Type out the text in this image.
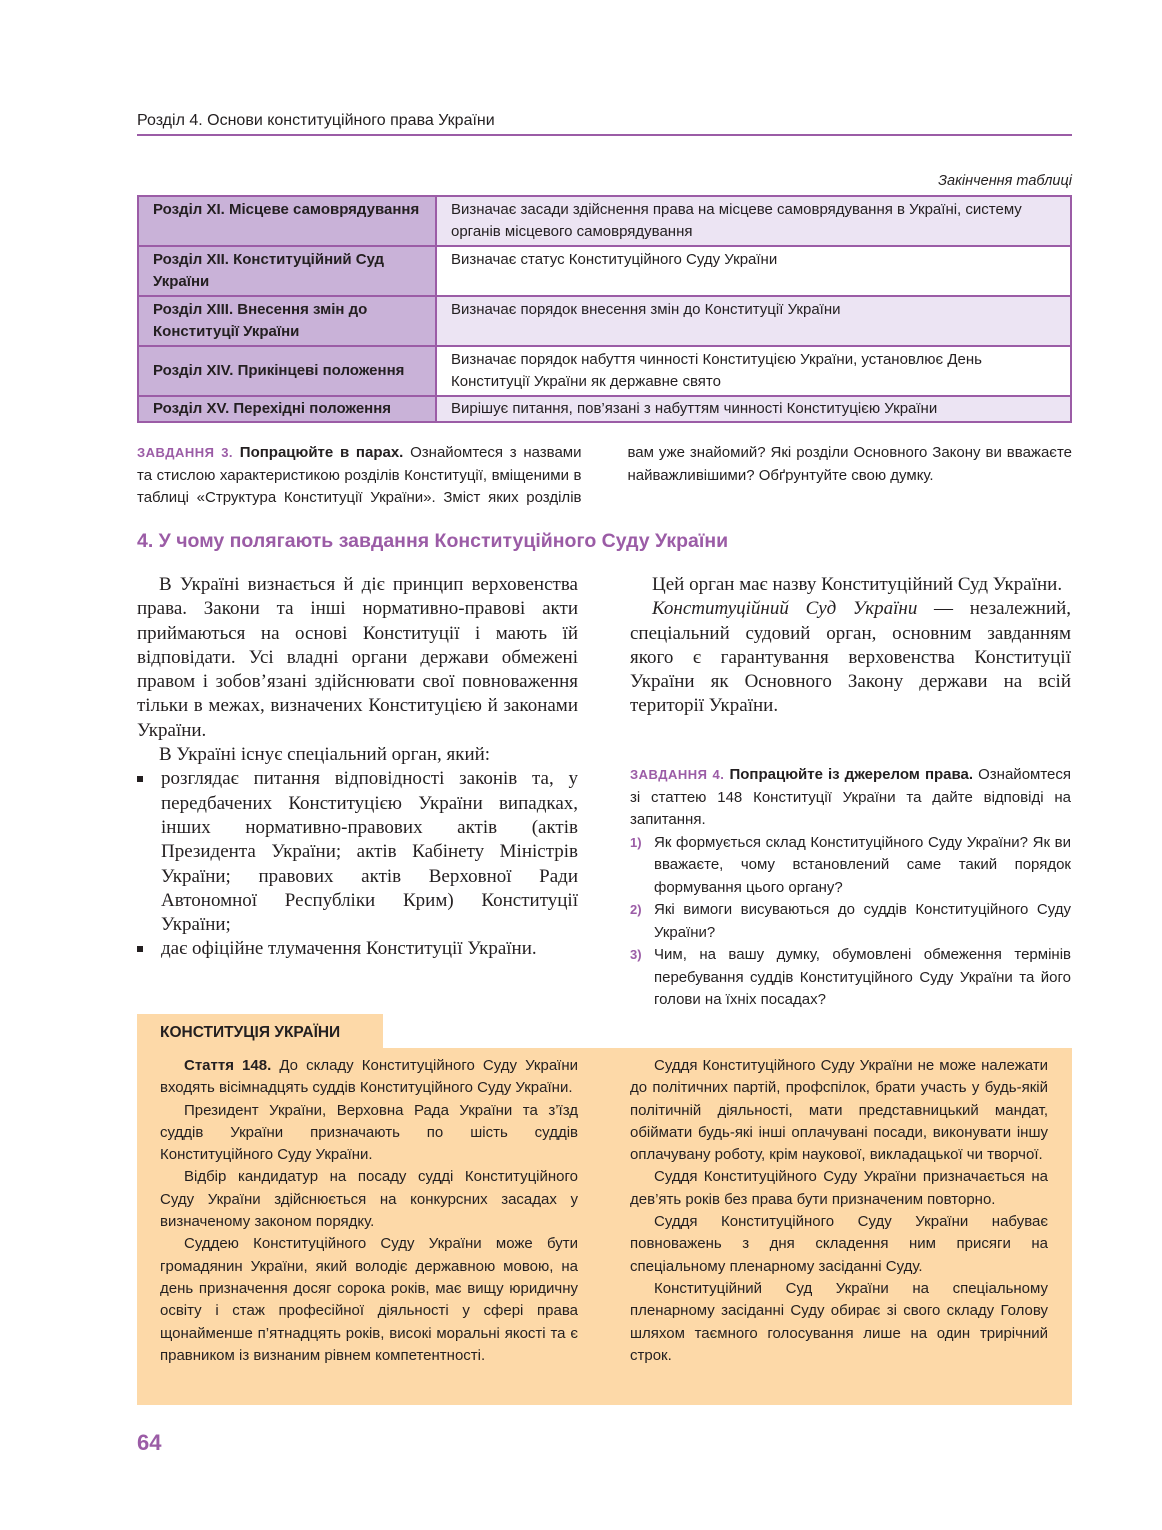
Розділ 4. Основи конституційного права України
Закінчення таблиці
Розділ XI. Місцеве самоврядування	Визначає засади здійснення права на місцеве самоврядування в Україні, систему органів місцевого самоврядування
Розділ XII. Конституційний Суд України	Визначає статус Конституційного Суду України
Розділ XIII. Внесення змін до Конституції України	Визначає порядок внесення змін до Конституції України
Розділ XIV. Прикінцеві положення	Визначає порядок набуття чинності Конституцією України, установлює День Конституції України як державне свято
Розділ XV. Перехідні положення	Вирішує питання, пов’язані з набуттям чинності Конституцією України
ЗАВДАННЯ 3. Попрацюйте в парах. Ознайомтеся з назвами та стислою характеристикою розділів Конституції, вміщеними в таблиці «Структура Конституції України». Зміст яких розділів вам уже знайомий? Які розділи Основного Закону ви вважаєте найважливішими? Обґрунтуйте свою думку.
4. У чому полягають завдання Конституційного Суду України

В Україні визнається й діє принцип верховенства права. Закони та інші нормативно-правові акти приймаються на основі Конституції і мають їй відповідати. Усі владні органи держави обмежені правом і зобов’язані здійснювати свої повноваження тільки в межах, визначених Конституцією й законами України.

В Україні існує спеціальний орган, який:

розглядає питання відповідності законів та, у передбачених Конституцією України випадках, інших нормативно-правових актів (актів Президента України; актів Кабінету Міністрів України; правових актів Верховної Ради Автономної Республіки Крим) Конституції України;
дає офіційне тлумачення Конституції України.

Цей орган має назву Конституційний Суд України.

Конституційний Суд України — незалежний, спеціальний судовий орган, основним завданням якого є гарантування верховенства Конституції України як Основного Закону держави на всій території України.

ЗАВДАННЯ 4. Попрацюйте із джерелом права. Ознайомтеся зі статтею 148 Конституції України та дайте відповіді на запитання.

1) Як формується склад Конституційного Суду України? Як ви вважаєте, чому встановлений саме такий порядок формування цього органу?
2) Які вимоги висуваються до суддів Конституційного Суду України?
3) Чим, на вашу думку, обумовлені обмеження термінів перебування суддів Конституційного Суду України та його голови на їхніх посадах?
КОНСТИТУЦІЯ УКРАЇНИ

Стаття 148. До складу Конституційного Суду України входять вісімнадцять суддів Конституційного Суду України.

Президент України, Верховна Рада України та з’їзд суддів України призначають по шість суддів Конституційного Суду України.

Відбір кандидатур на посаду судді Конституційного Суду України здійснюється на конкурсних засадах у визначеному законом порядку.

Суддею Конституційного Суду України може бути громадянин України, який володіє державною мовою, на день призначення досяг сорока років, має вищу юридичну освіту і стаж професійної діяльності у сфері права щонайменше п’ятнадцять років, високі моральні якості та є правником із визнаним рівнем компетентності.

Суддя Конституційного Суду України не може належати до політичних партій, профспілок, брати участь у будь-якій політичній діяльності, мати представницький мандат, обіймати будь-які інші оплачувані посади, виконувати іншу оплачувану роботу, крім наукової, викладацької чи творчої.

Суддя Конституційного Суду України призначається на дев’ять років без права бути призначеним повторно.

Суддя Конституційного Суду України набуває повноважень з дня складення ним присяги на спеціальному пленарному засіданні Суду.

Конституційний Суд України на спеціальному пленарному засіданні Суду обирає зі свого складу Голову шляхом таємного голосування лише на один трирічний строк.

64
